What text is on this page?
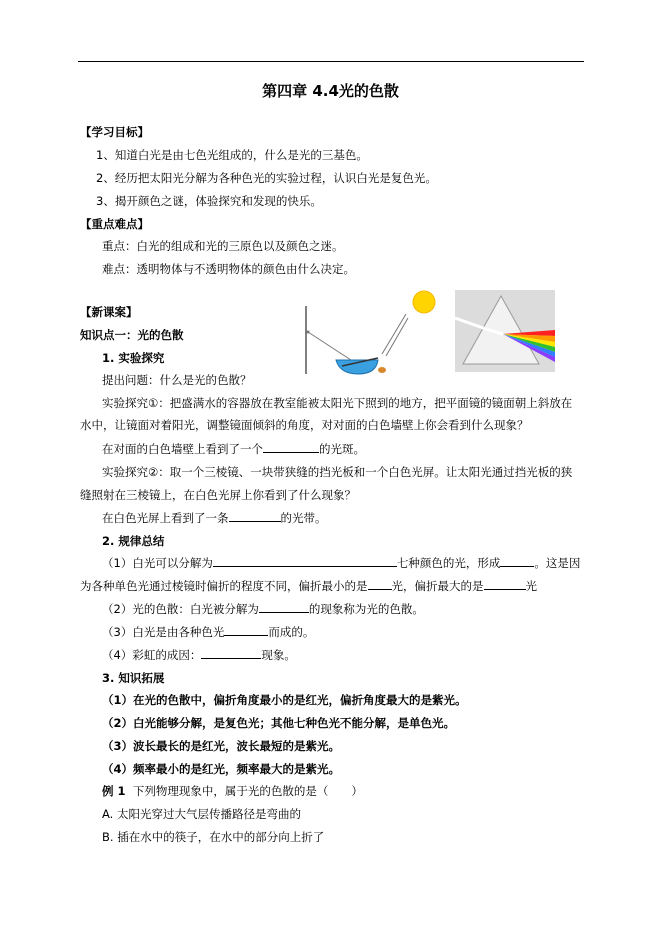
第四章 4.4光的色散
【学习目标】
1、知道白光是由七色光组成的，什么是光的三基色。
2、经历把太阳光分解为各种色光的实验过程，认识白光是复色光。
3、揭开颜色之谜，体验探究和发现的快乐。
【重点难点】
重点：白光的组成和光的三原色以及颜色之迷。
难点：透明物体与不透明物体的颜色由什么决定。
【新课案】
知识点一：光的色散
1. 实验探究
提出问题：什么是光的色散？
实验探究①：把盛满水的容器放在教室能被太阳光下照到的地方，把平面镜的镜面朝上斜放在
水中，让镜面对着阳光，调整镜面倾斜的角度，对对面的白色墙壁上你会看到什么现象？
在对面的白色墙壁上看到了一个	的光斑。
实验探究②：取一个三棱镜、一块带狭缝的挡光板和一个白色光屏。让太阳光通过挡光板的狭
缝照射在三棱镜上，在白色光屏上你看到了什么现象？
在白色光屏上看到了一条	的光带。
2. 规律总结
（1）白光可以分解为	七种颜色的光，形成	。这是因
为各种单色光通过棱镜时偏折的程度不同，偏折最小的是 光，偏折最大的是	光
（2）光的色散：白光被分解为	的现象称为光的色散。
（3）白光是由各种色光	而成的。
（4）彩虹的成因：	现象。
3. 知识拓展
（1）在光的色散中，偏折角度最小的是红光，偏折角度最大的是紫光。
（2）白光能够分解，是复色光；其他七种色光不能分解，是单色光。
（3）波长最长的是红光，波长最短的是紫光。
（4）频率最小的是红光，频率最大的是紫光。
例 1 下列物理现象中，属于光的色散的是（　　）
A. 太阳光穿过大气层传播路径是弯曲的
B. 插在水中的筷子，在水中的部分向上折了
